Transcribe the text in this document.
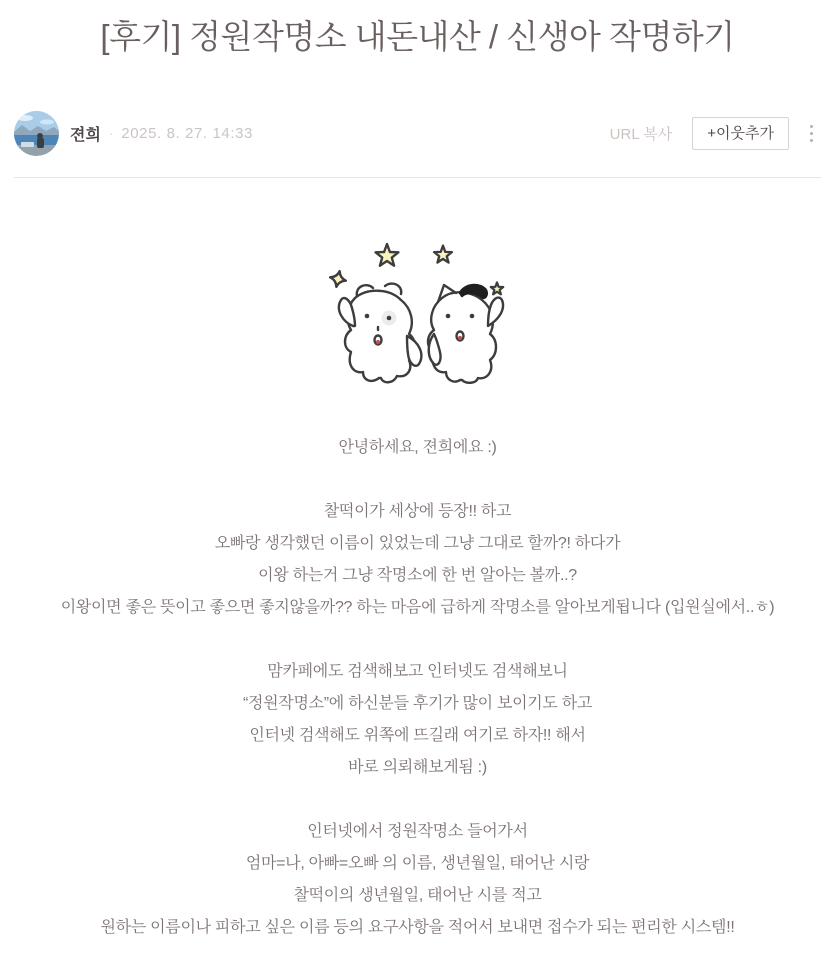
[후기] 정원작명소 내돈내산 / 신생아 작명하기
젼희 · 2025. 8. 27. 14:33	URL 복사	+이웃추가
안녕하세요, 젼희에요 :)
찰떡이가 세상에 등장!! 하고
오빠랑 생각했던 이름이 있었는데 그냥 그대로 할까?! 하다가
이왕 하는거 그냥 작명소에 한 번 알아는 볼까..?
이왕이면 좋은 뜻이고 좋으면 좋지않을까?? 하는 마음에 급하게 작명소를 알아보게됩니다 (입원실에서..ㅎ)
맘카페에도 검색해보고 인터넷도 검색해보니
“정원작명소”에 하신분들 후기가 많이 보이기도 하고
인터넷 검색해도 위쪽에 뜨길래 여기로 하자!! 해서
바로 의뢰해보게됨 :)
인터넷에서 정원작명소 들어가서
엄마=나, 아빠=오빠 의 이름, 생년월일, 태어난 시랑
찰떡이의 생년월일, 태어난 시를 적고
원하는 이름이나 피하고 싶은 이름 등의 요구사항을 적어서 보내면 접수가 되는 편리한 시스템!!
